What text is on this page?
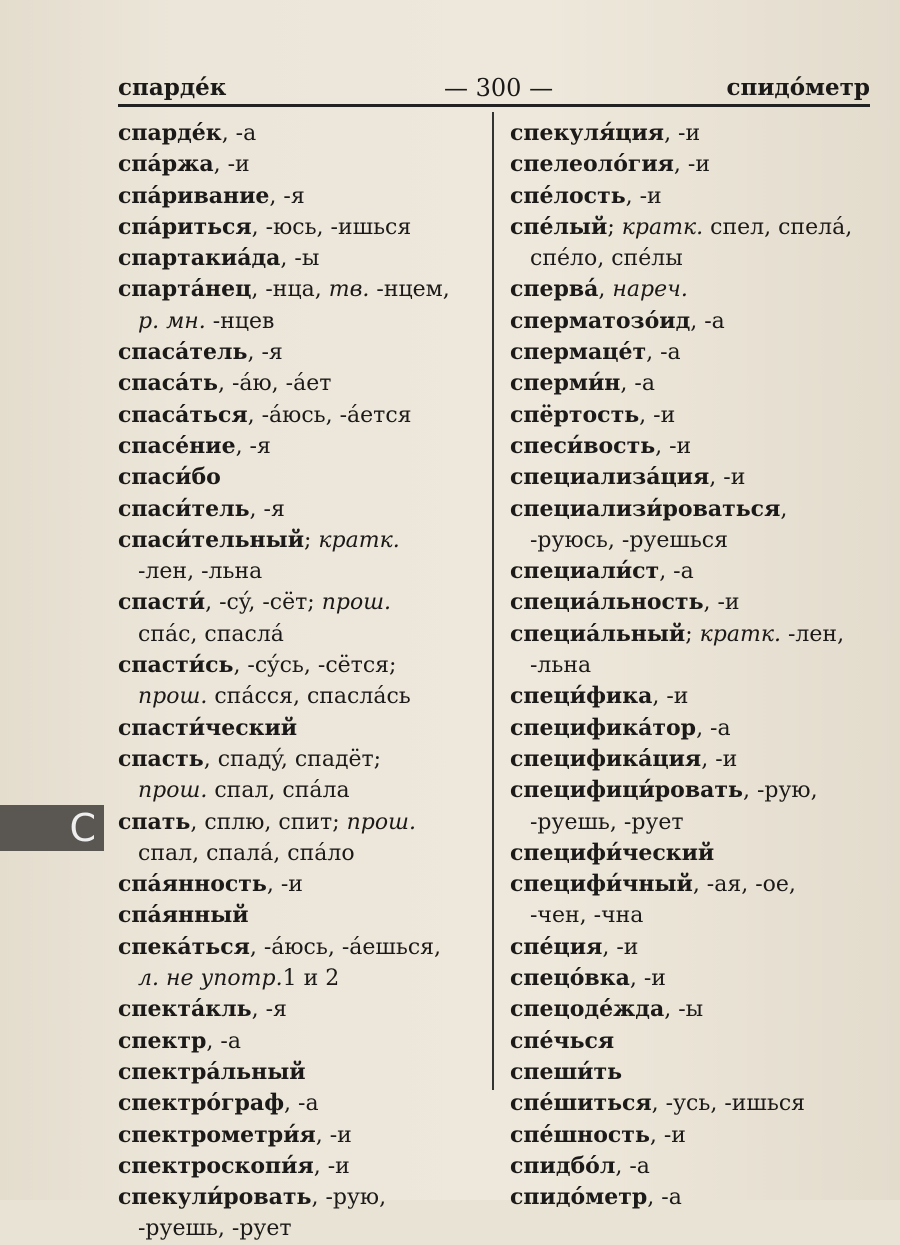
спардéк	— 300 —	спидóметр
спардéк, -а
спáржа, -и
спáривание, -я
спáриться, -юсь, -ишься
спартакиáда, -ы
спартáнец, -нца, тв. -нцем,
р. мн. -нцев
спасáтель, -я
спасáть, -áю, -áет
спасáться, -áюсь, -áется
спасéние, -я
спаси́бо
спаси́тель, -я
спаси́тельный; кратк.
-лен, -льна
спасти́, -сý, -сёт; прош.
спáс, спаслá
спасти́сь, -сýсь, -сётся;
прош. спáсся, спаслáсь
спасти́ческий
спасть, спадý, спадёт;
прош. спал, спáла
спать, сплю, спит; прош.
спал, спалá, спáло
спáянность, -и
спáянный
спекáться, -áюсь, -áешься,
л. не употр.1 и 2
спектáкль, -я
спектр, -а
спектрáльный
спектрóграф, -а
спектрометри́я, -и
спектроскопи́я, -и
спекули́ровать, -рую,
-руешь, -рует
спекуля́ция, -и
спелеолóгия, -и
спéлость, -и
спéлый; кратк. спел, спелá,
спéло, спéлы
сперва́, нареч.
сперматозóид, -а
спермацéт, -а
сперми́н, -а
спёртость, -и
спеси́вость, -и
специализáция, -и
специализи́роваться,
-руюсь, -руешься
специали́ст, -а
специáльность, -и
специáльный; кратк. -лен,
-льна
специ́фика, -и
спецификáтор, -а
спецификáция, -и
специфици́ровать, -рую,
-руешь, -рует
специфи́ческий
специфи́чный, -ая, -ое,
-чен, -чна
спéция, -и
спецóвка, -и
спецодéжда, -ы
спéчься
спеши́ть
спéшиться, -усь, -ишься
спéшность, -и
спидбóл, -а
спидóметр, -а
С
